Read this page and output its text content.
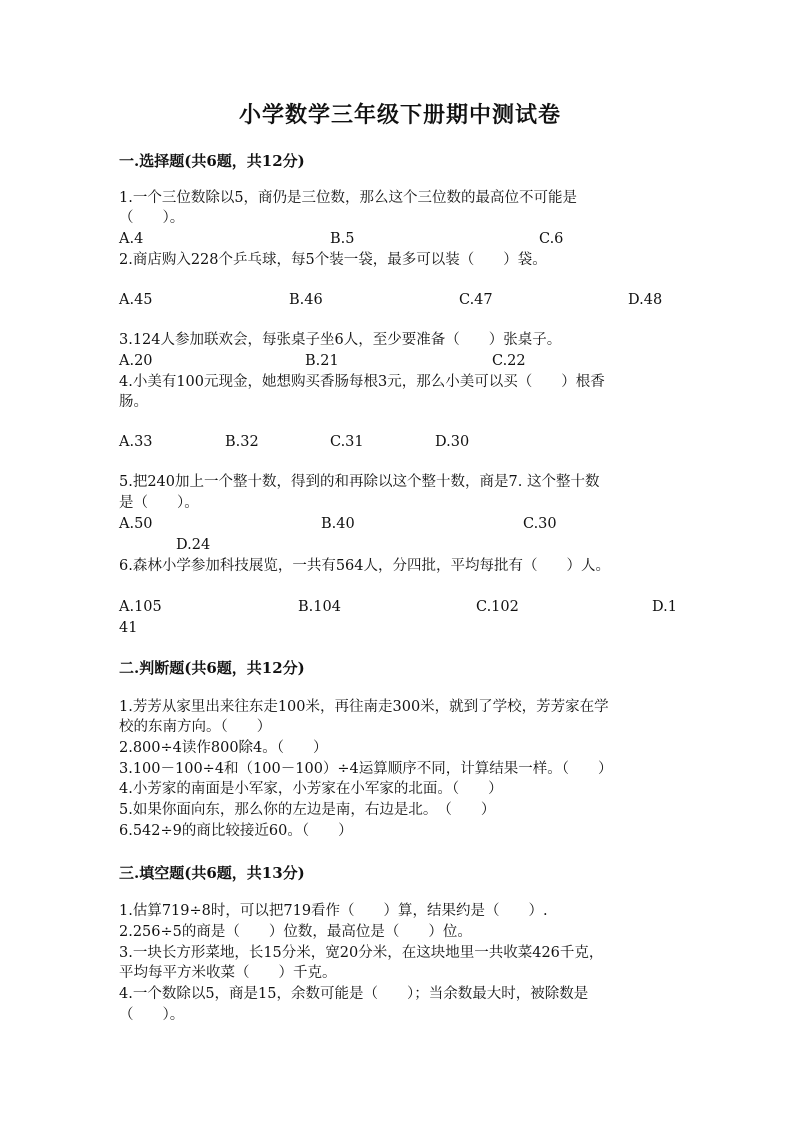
小学数学三年级下册期中测试卷
一.选择题(共6题，共12分)
1.一个三位数除以5，商仍是三位数，那么这个三位数的最高位不可能是
（　　）。
A.4	B.5	C.6
2.商店购入228个乒乓球，每5个装一袋，最多可以装（　　）袋。
A.45	B.46	C.47	D.48
3.124人参加联欢会，每张桌子坐6人，至少要准备（　　）张桌子。
A.20	B.21	C.22
4.小美有100元现金，她想购买香肠每根3元，那么小美可以买（　　）根香
肠。
A.33	B.32	C.31	D.30
5.把240加上一个整十数，得到的和再除以这个整十数，商是7. 这个整十数
是（　　）。
A.50	B.40	C.30
D.24
6.森林小学参加科技展览，一共有564人，分四批，平均每批有（　　）人。
A.105	B.104	C.102	D.1
41
二.判断题(共6题，共12分)
1.芳芳从家里出来往东走100米，再往南走300米，就到了学校，芳芳家在学
校的东南方向。（　　）
2.800÷4读作800除4。（　　）
3.100－100÷4和（100－100）÷4运算顺序不同，计算结果一样。（　　）
4.小芳家的南面是小军家，小芳家在小军家的北面。（　　）
5.如果你面向东，那么你的左边是南，右边是北。　（　　）
6.542÷9的商比较接近60。（　　）
三.填空题(共6题，共13分)
1.估算719÷8时，可以把719看作（　　）算，结果约是（　　）.
2.256÷5的商是（　　）位数，最高位是（　　）位。
3.一块长方形菜地，长15分米，宽20分米，在这块地里一共收菜426千克，
平均每平方米收菜（　　）千克。
4.一个数除以5，商是15，余数可能是（　　）；当余数最大时，被除数是
（　　）。
